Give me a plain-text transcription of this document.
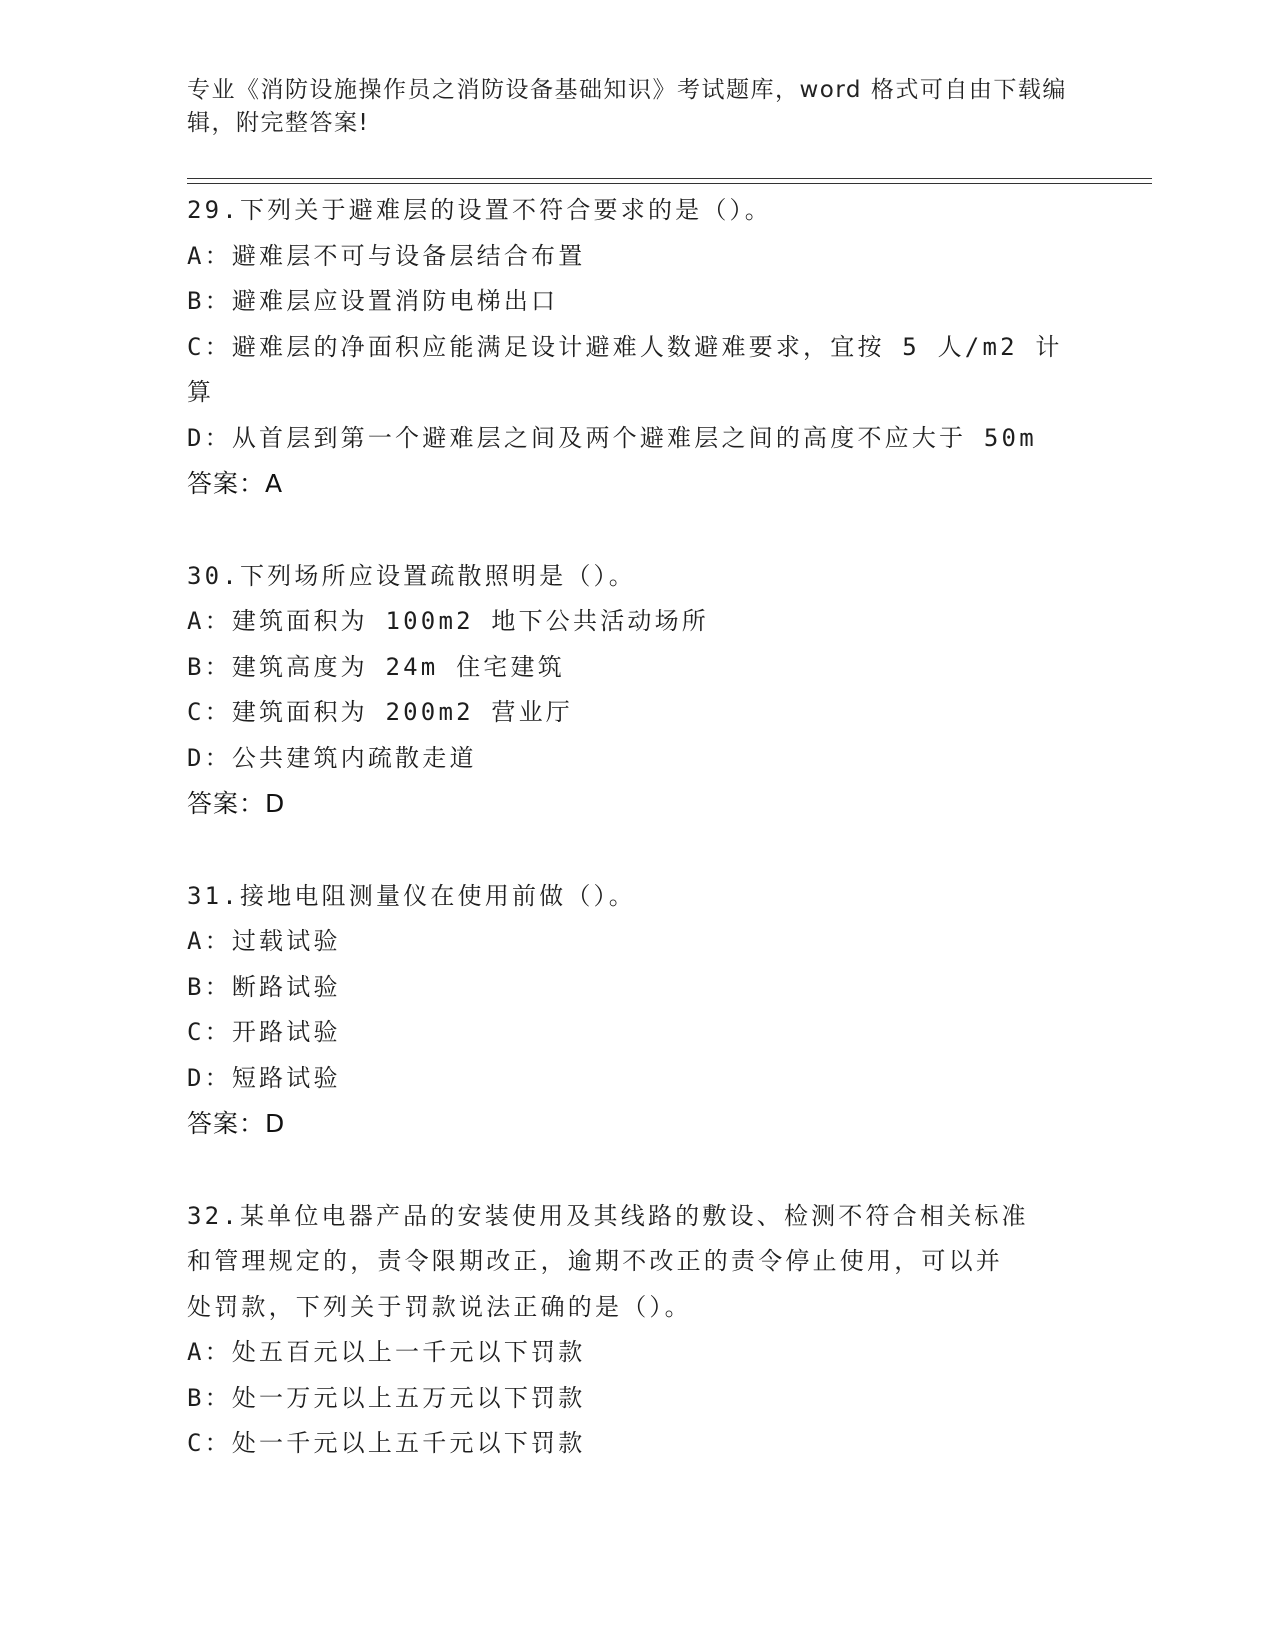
专业《消防设施操作员之消防设备基础知识》考试题库，word 格式可自由下载编
辑，附完整答案!
29.下列关于避难层的设置不符合要求的是（）。
A：避难层不可与设备层结合布置
B：避难层应设置消防电梯出口
C：避难层的净面积应能满足设计避难人数避难要求，宜按 5 人/m2 计
算
D：从首层到第一个避难层之间及两个避难层之间的高度不应大于 50m
答案：A
30.下列场所应设置疏散照明是（）。
A：建筑面积为 100m2 地下公共活动场所
B：建筑高度为 24m 住宅建筑
C：建筑面积为 200m2 营业厅
D：公共建筑内疏散走道
答案：D
31.接地电阻测量仪在使用前做（）。
A：过载试验
B：断路试验
C：开路试验
D：短路试验
答案：D
32.某单位电器产品的安装使用及其线路的敷设、检测不符合相关标准
和管理规定的，责令限期改正，逾期不改正的责令停止使用，可以并
处罚款，下列关于罚款说法正确的是（）。
A：处五百元以上一千元以下罚款
B：处一万元以上五万元以下罚款
C：处一千元以上五千元以下罚款
